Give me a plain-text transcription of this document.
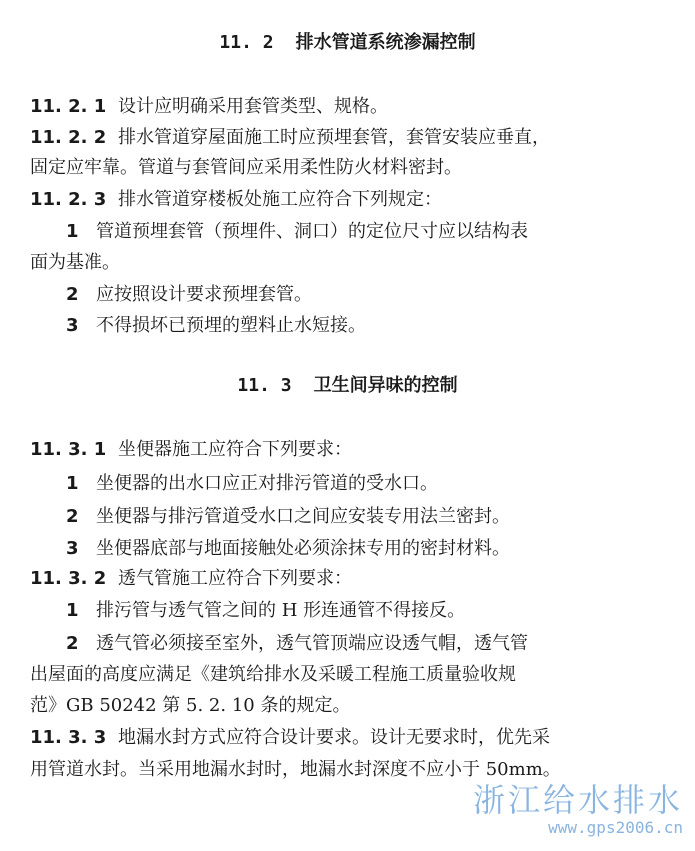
11. 2 排水管道系统渗漏控制
11. 2. 1 设计应明确采用套管类型、规格。
11. 2. 2 排水管道穿屋面施工时应预埋套管，套管安装应垂直，
固定应牢靠。管道与套管间应采用柔性防火材料密封。
11. 2. 3 排水管道穿楼板处施工应符合下列规定：
1 管道预埋套管（预埋件、洞口）的定位尺寸应以结构表
面为基准。
2 应按照设计要求预埋套管。
3 不得损坏已预埋的塑料止水短接。
11. 3 卫生间异味的控制
11. 3. 1 坐便器施工应符合下列要求：
1 坐便器的出水口应正对排污管道的受水口。
2 坐便器与排污管道受水口之间应安装专用法兰密封。
3 坐便器底部与地面接触处必须涂抹专用的密封材料。
11. 3. 2 透气管施工应符合下列要求：
1 排污管与透气管之间的 H 形连通管不得接反。
2 透气管必须接至室外，透气管顶端应设透气帽，透气管
出屋面的高度应满足《建筑给排水及采暖工程施工质量验收规
范》GB 50242 第 5. 2. 10 条的规定。
11. 3. 3 地漏水封方式应符合设计要求。设计无要求时，优先采
用管道水封。当采用地漏水封时，地漏水封深度不应小于 50mm。
浙江给水排水
www.gps2006.cn
